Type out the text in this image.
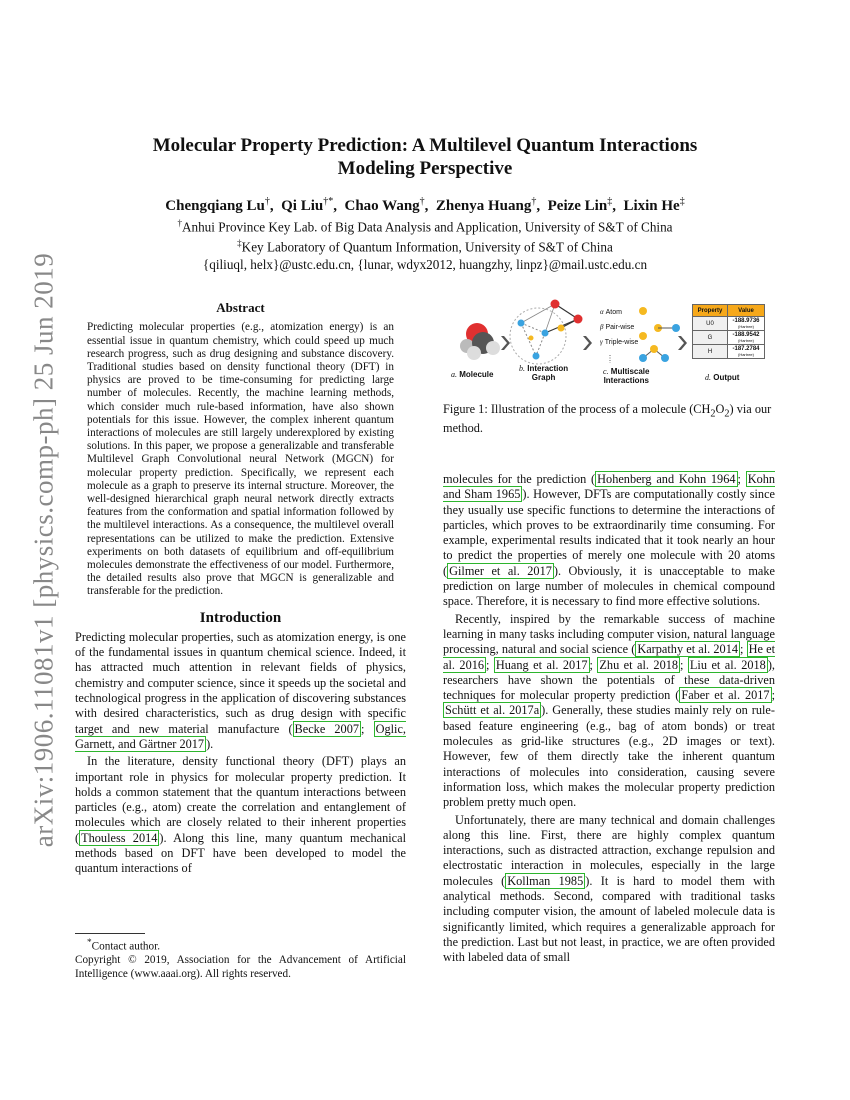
arXiv:1906.11081v1 [physics.comp-ph] 25 Jun 2019
Molecular Property Prediction: A Multilevel Quantum Interactions Modeling Perspective
Chengqiang Lu†,  Qi Liu†*,  Chao Wang†,  Zhenya Huang†,  Peize Lin‡,  Lixin He‡
†Anhui Province Key Lab. of Big Data Analysis and Application, University of S&T of China
‡Key Laboratory of Quantum Information, University of S&T of China
{qiliuql, helx}@ustc.edu.cn, {lunar, wdyx2012, huangzhy, linpz}@mail.ustc.edu.cn
Abstract
Predicting molecular properties (e.g., atomization energy) is an essential issue in quantum chemistry, which could speed up much research progress, such as drug designing and substance discovery. Traditional studies based on density functional theory (DFT) in physics are proved to be time-consuming for predicting large number of molecules. Recently, the machine learning methods, which consider much rule-based information, have also shown potentials for this issue. However, the complex inherent quantum interactions of molecules are still largely underexplored by existing solutions. In this paper, we propose a generalizable and transferable Multilevel Graph Convolutional neural Network (MGCN) for molecular property prediction. Specifically, we represent each molecule as a graph to preserve its internal structure. Moreover, the well-designed hierarchical graph neural network directly extracts features from the conformation and spatial information followed by the multilevel interactions. As a consequence, the multilevel overall representations can be utilized to make the prediction. Extensive experiments on both datasets of equilibrium and off-equilibrium molecules demonstrate the effectiveness of our model. Furthermore, the detailed results also prove that MGCN is generalizable and transferable for the prediction.
Introduction

Predicting molecular properties, such as atomization energy, is one of the fundamental issues in quantum chemical science. Indeed, it has attracted much attention in relevant fields of physics, chemistry and computer science, since it speeds up the societal and technological progress in the application of discovering substances with desired characteristics, such as drug design with specific target and new material manufacture ( Becke 2007 ; Oglic, Garnett, and Gärtner 2017 ).

In the literature, density functional theory (DFT) plays an important role in physics for molecular property prediction. It holds a common statement that the quantum interactions between particles (e.g., atom) create the correlation and entanglement of molecules which are closely related to their inherent properties ( Thouless 2014 ). Along this line, many quantum mechanical methods based on DFT have been developed to model the quantum interactions of

*Contact author.
Copyright © 2019, Association for the Advancement of Artificial Intelligence (www.aaai.org). All rights reserved.
α Atom
β Pair-wise
γ Triple-wise
Property	Value
U0	-188.9736
(Hartree)
G	-188.9542
(Hartree)
H	-187.2784
(Hartree)
a. Molecule
b. Interaction
Graph
c. Multiscale
Interactions	d. Output
Figure 1: Illustration of the process of a molecule $(CH_2O_2)$ via our method.

molecules for the prediction ( Hohenberg and Kohn 1964 ; Kohn and Sham 1965 ). However, DFTs are computationally costly since they usually use specific functions to determine the interactions of particles, which proves to be extraordinarily time consuming. For example, experimental results indicated that it took nearly an hour to predict the properties of merely one molecule with 20 atoms ( Gilmer et al. 2017 ). Obviously, it is unacceptable to make prediction on large number of molecules in chemical compound space. Therefore, it is necessary to find more effective solutions.

Recently, inspired by the remarkable success of machine learning in many tasks including computer vision, natural language processing, natural and social science ( Karpathy et al. 2014 ; He et al. 2016 ; Huang et al. 2017 ; Zhu et al. 2018 ; Liu et al. 2018 ), researchers have shown the potentials of these data-driven techniques for molecular property prediction ( Faber et al. 2017 ; Schütt et al. 2017a ). Generally, these studies mainly rely on rule-based feature engineering (e.g., bag of atom bonds) or treat molecules as grid-like structures (e.g., 2D images or text). However, few of them directly take the inherent quantum interactions of molecules into consideration, causing severe information loss, which makes the molecular property prediction problem pretty much open.

Unfortunately, there are many technical and domain challenges along this line. First, there are highly complex quantum interactions, such as distracted attraction, exchange repulsion and electrostatic interaction in molecules, especially in the large molecules ( Kollman 1985 ). It is hard to model them with analytical methods. Second, compared with traditional tasks including computer vision, the amount of labeled molecule data is significantly limited, which requires a generalizable approach for the prediction. Last but not least, in practice, we are often provided with labeled data of small
